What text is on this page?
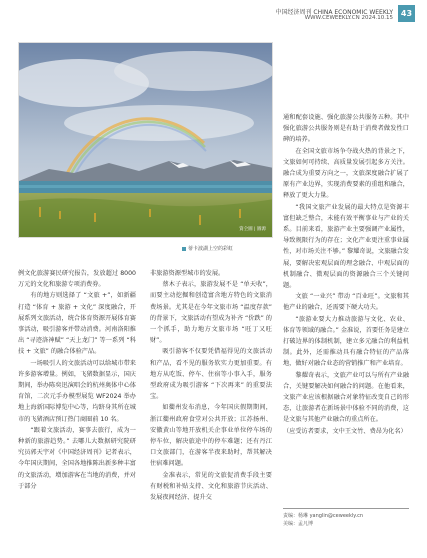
中国经济周刊 CHINA ECONOMIC WEEKLY
WWW.CEWEEKLY.CN 2024.10.15 43
資仝圖 | 圖源
蒂卡波湖上空的彩虹

例文化旅游赛民研究报告，发放超过 8000 万元的文化和旅游专项消费券。

有的地方则选择了 “文旅 +”，如新疆打造 “体育 + 旅游 + 文化” 深度融合，开展系列文旅活动，统合体育资源开展体育赛事活动，吸引游客并带动消费。河南洛阳推出 “寻迹洛神赋” “天上龙门” 等一系列 “科技 + 文旅” 的融合体验产品。

一场吸引人的文旅活动可以给城市带来许多游客增量。例如，飞猪数据显示，国庆期间，举办陈奕迅演唱会的杭州奥体中心体育馆，二次元手办模型展览 WF2024 举办地上海新国际博览中心等，均跻身其所在城市的飞猪酒店预订热门商圈前 10 名。

“跟着文旅活动，赛事去旅行，成为一种新的旅游趋势。” 去哪儿大数据研究院研究员郭天宇对《中国经济周刊》记者表示，今年国庆期间，全国各地推陈出新多种丰富的文旅活动，增加游客在当地的消费，并对于部分

非旅游资源型城市的发展。

蔡木子表示，旅游发展不是 “单天收”，而要主动挖掘和创造富含地方特色的文旅消费场景。尤其是在今年文旅市场 “温度存款” 的背景下，文旅活动有望成为补齐 “价跌” 的一个抓手，助力地方文旅市场 “旺丁又旺财”。

吸引游客不仅要凭借福得见的文旅活动和产品，看不见的服务软实力更加重要。有地方从吃饭、停车、住宿等小事入手，服务型政府成为吸引游客 “下次再来” 的重要法宝。

如衢州发布消息，今年国庆假期期间，浙江衢州政府食堂对公共开放；江苏扬州、安徽黄山等地开放机关企事业单位停车场的停车位，解决旅途中的停车难题；还有丹江口文旅部门，在游客半夜来助时，帮其解决住宿难问题。

金准表示，常见的文旅促消费手段主要有财税和补贴支持、文化和旅游节庆活动、发展夜间经济、提升交

通和配套设施、强化旅游公共服务五种。其中强化旅游公共服务则是有助于消费者做发性口碑的培养。

在全国文旅市场争夺战火热的背景之下，文旅如何可持续、高质量发展引起多方关注。融合成为重要方向之一，文旅深度融合扩展了原有产业边界，实现消费要素的重组和融合，释放了更大力量。

“我国文旅产业发展的最大特点是资源丰富但缺乏整合，未能有效平衡事业与产业的关系。目前来看，旅游产业主要强调产业属性，导致规限行为的存在；文化产业更注重事业属性，对市场关注不够。” 黎耀奇说，文旅融合发展，要解决宏观层面的理念融合、中观层面的机制融合、微观层面的资源融合三个关键问题。

文旅 “一业兴” 带动 “百业旺”。文旅和其他产业的融合，还需要下硬大功夫。

“旅游业要大力推动旅游与文化、农业、体育等领域的融合。” 金准说，首要任务是建立打破边界的体制机制，建立多元融合的利益机制。此外，还需推动具有融合特征的产品落地，做好对融合业态的营销推广和产业培育。

黎耀奇表示，文旅产业可以与所有产业融合，关键要解决如何融合的问题。在他看来，文旅产业应该根据融合对象特征改变自己的形态，让旅游者在新场景中体验不同的消费，这是文旅与其他产业融合的重点所在。

（应受访者要求，文中王文竹、费昂为化名）

责编：杨琳 yanglin@ceweekly.cn
美编：孟凡博
